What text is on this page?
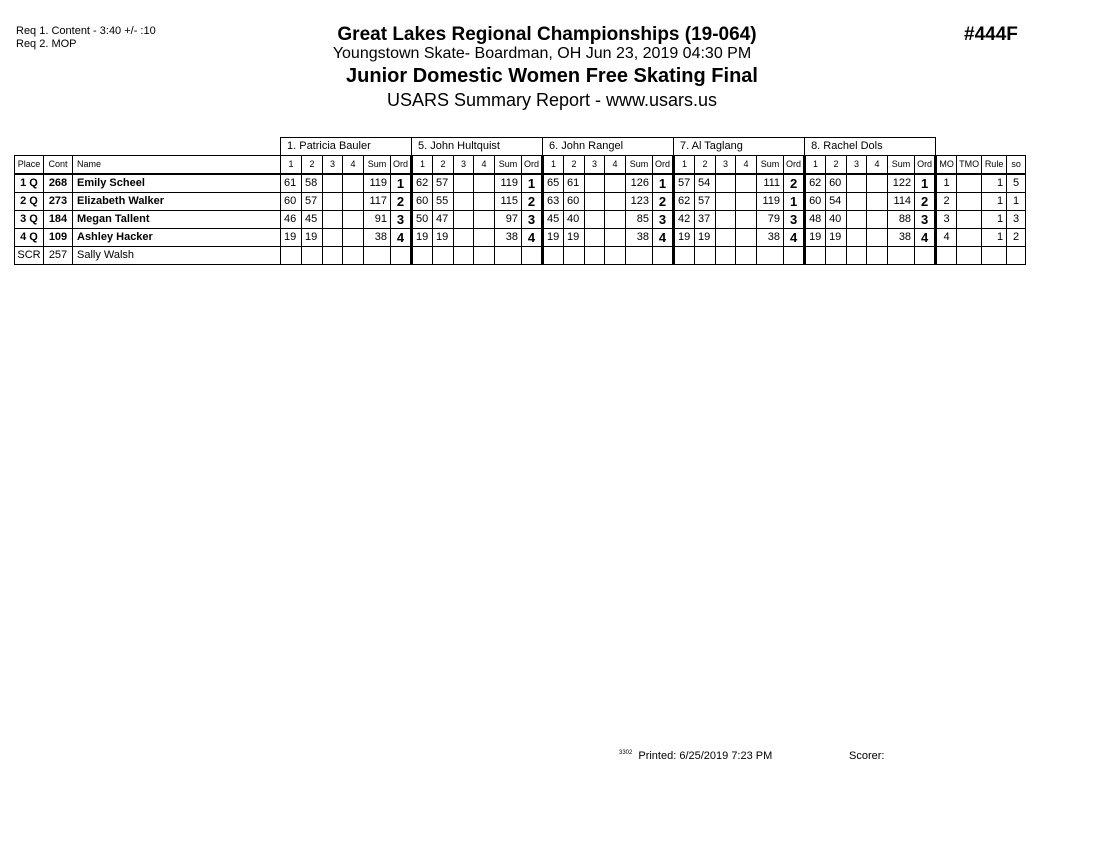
Req 1. Content - 3:40 +/- :10
Req 2. MOP	Great Lakes Regional Championships (19-064)
Youngstown Skate- Boardman, OH Jun 23, 2019 04:30 PM
Junior Domestic Women Free Skating Final
USARS Summary Report - www.usars.us
#444F
			1. Patricia Bauler						5. John Hultquist						6. John Rangel						7. Al Taglang						8. Rachel Dols									
Place	Cont	Name	1	2	3	4	Sum	Ord	1	2	3	4	Sum	Ord	1	2	3	4	Sum	Ord	1	2	3	4	Sum	Ord	1	2	3	4	Sum	Ord	MO	TMO	Rule	so
1 Q	268	Emily Scheel	61	58			119	1	62	57			119	1	65	61			126	1	57	54			111	2	62	60			122	1	1		1	5
2 Q	273	Elizabeth Walker	60	57			117	2	60	55			115	2	63	60			123	2	62	57			119	1	60	54			114	2	2		1	1
3 Q	184	Megan Tallent	46	45			91	3	50	47			97	3	45	40			85	3	42	37			79	3	48	40			88	3	3		1	3
4 Q	109	Ashley Hacker	19	19			38	4	19	19			38	4	19	19			38	4	19	19			38	4	19	19			38	4	4		1	2
SCR	257	Sally Walsh																																		
$^{3302}$ Printed: 6/25/2019 7:23 PM	Scorer:
